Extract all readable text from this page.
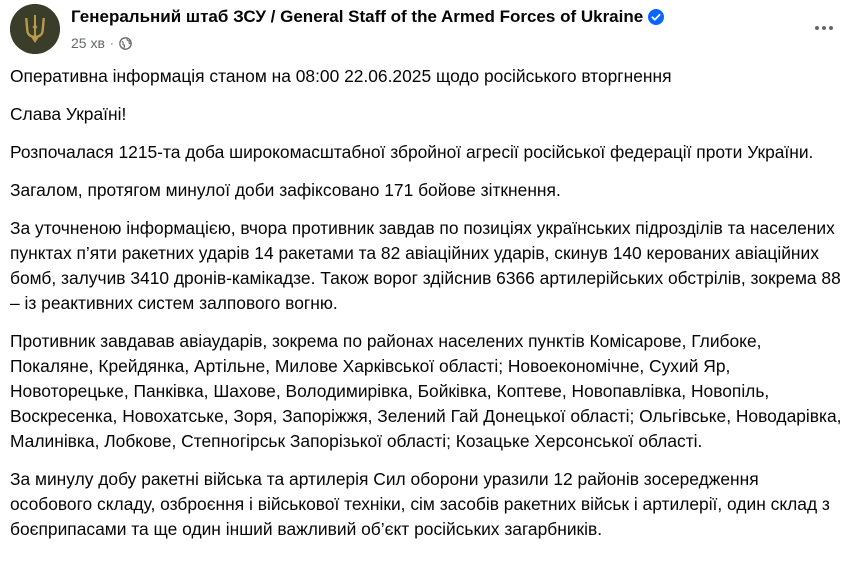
Генеральний штаб ЗСУ / General Staff of the Armed Forces of Ukraine
25 хв ·

Оперативна інформація станом на 08:00 22.06.2025 щодо російського вторгнення

Слава Україні!

Розпочалася 1215-та доба широкомасштабної збройної агресії російської федерації проти України.

Загалом, протягом минулої доби зафіксовано 171 бойове зіткнення.

За уточненою інформацією, вчора противник завдав по позиціях українських підрозділів та населених пунктах п’яти ракетних ударів 14 ракетами та 82 авіаційних ударів, скинув 140 керованих авіаційних бомб, залучив 3410 дронів-камікадзе. Також ворог здійснив 6366 артилерійських обстрілів, зокрема 88 – із реактивних систем залпового вогню.

Противник завдавав авіаударів, зокрема по районах населених пунктів Комісарове, Глибоке, Покаляне, Крейдянка, Артільне, Милове Харківської області; Новоекономічне, Сухий Яр, Новоторецьке, Панківка, Шахове, Володимирівка, Бойківка, Коптеве, Новопавлівка, Новопіль, Воскресенка, Новохатське, Зоря, Запоріжжя, Зелений Гай Донецької області; Ольгівське, Новодарівка, Малинівка, Лобкове, Степногірськ Запорізької області; Козацьке Херсонської області.

За минулу добу ракетні війська та артилерія Сил оборони уразили 12 районів зосередження особового складу, озброєння і військової техніки, сім засобів ракетних військ і артилерії, один склад з боєприпасами та ще один інший важливий об’єкт російських загарбників.
